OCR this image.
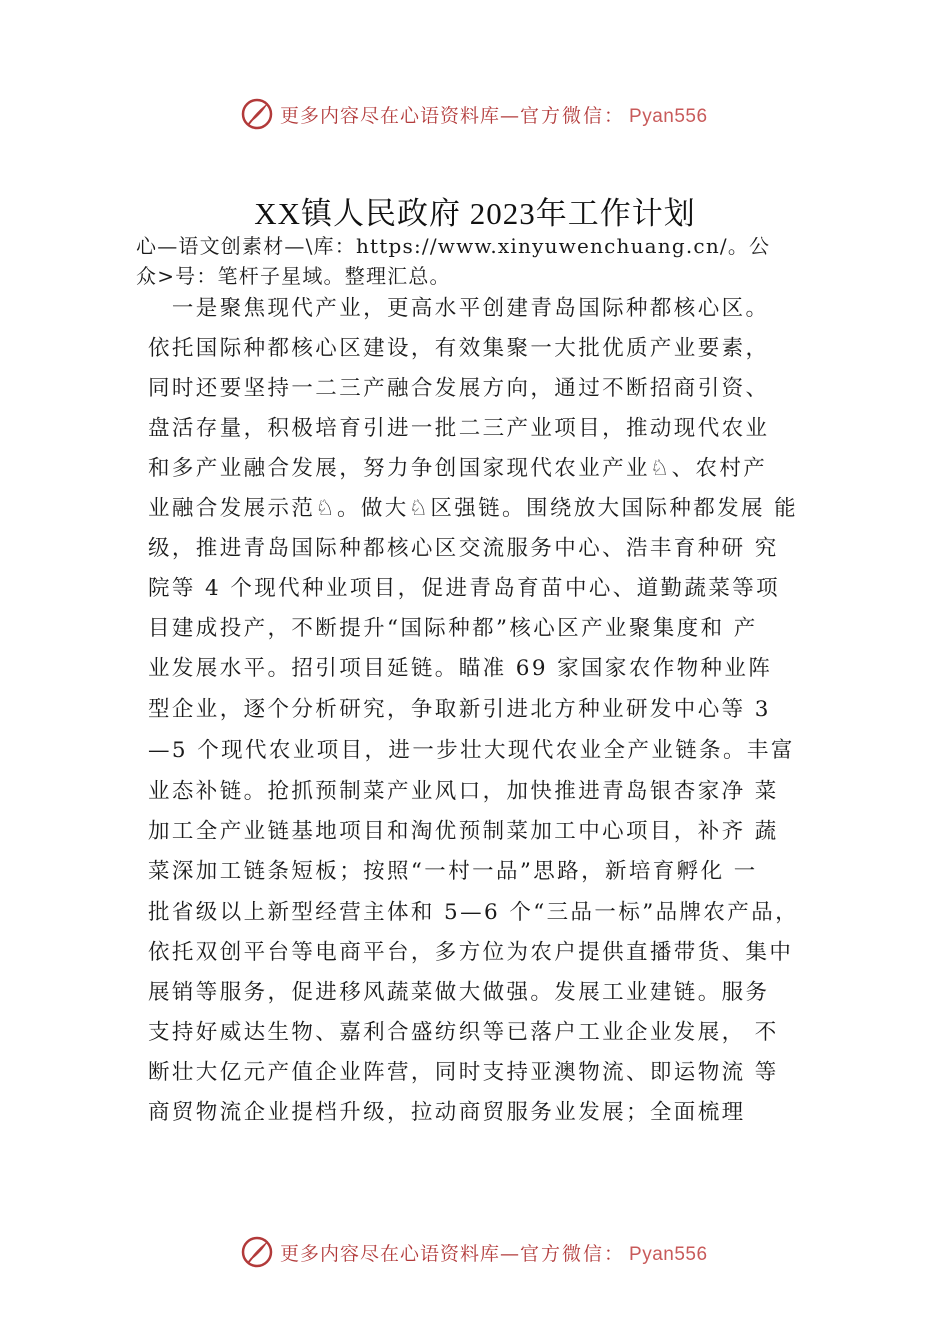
更多内容尽在心语资料库—官方微信： Pyan556
XX镇人民政府 2023年工作计划
心—语文创素材—\库：https://www.xinyuwenchuang.cn/。公
众>号：笔杆子星域。整理汇总。
　一是聚焦现代产业，更高水平创建青岛国际种都核心区。
依托国际种都核心区建设，有效集聚一大批优质产业要素，
同时还要坚持一二三产融合发展方向，通过不断招商引资、
盘活存量，积极培育引进一批二三产业项目，推动现代农业
和多产业融合发展，努力争创国家现代农业产业♘、农村产
业融合发展示范♘。做大♘区强链。围绕放大国际种都发展 能
级，推进青岛国际种都核心区交流服务中心、浩丰育种研 究
院等 4 个现代种业项目，促进青岛育苗中心、道勤蔬菜等项
目建成投产，不断提升“国际种都”核心区产业聚集度和 产
业发展水平。招引项目延链。瞄准 69 家国家农作物种业阵
型企业，逐个分析研究，争取新引进北方种业研发中心等 3
—5 个现代农业项目，进一步壮大现代农业全产业链条。丰富
业态补链。抢抓预制菜产业风口，加快推进青岛银杏家净 菜
加工全产业链基地项目和淘优预制菜加工中心项目，补齐 蔬
菜深加工链条短板；按照“一村一品”思路，新培育孵化 一
批省级以上新型经营主体和 5—6 个“三品一标”品牌农产品，
依托双创平台等电商平台，多方位为农户提供直播带货、集中
展销等服务，促进移风蔬菜做大做强。发展工业建链。服务
支持好威达生物、嘉利合盛纺织等已落户工业企业发展， 不
断壮大亿元产值企业阵营，同时支持亚澳物流、即运物流 等
商贸物流企业提档升级，拉动商贸服务业发展；全面梳理
更多内容尽在心语资料库—官方微信： Pyan556
